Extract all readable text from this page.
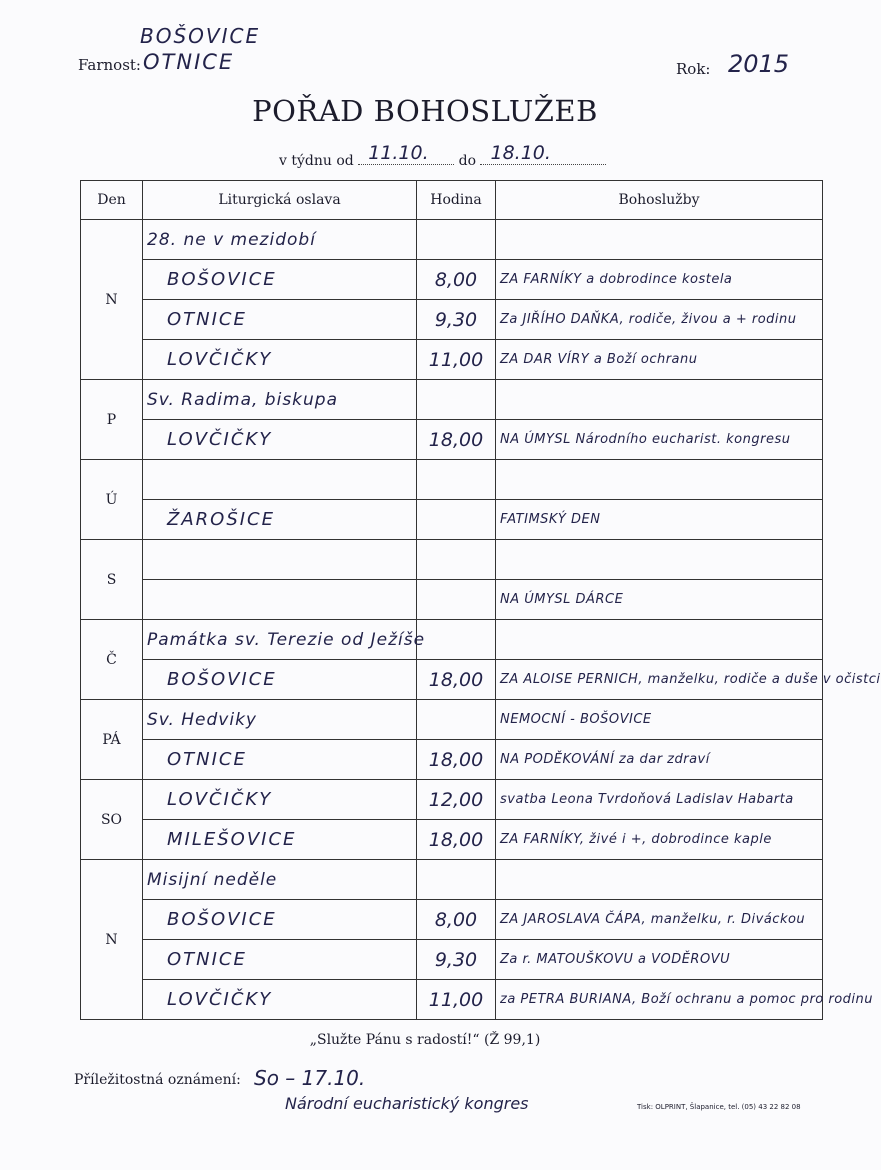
BOŠOVICE
Farnost: OTNICE	Rok: 2015
POŘAD BOHOSLUŽEB
v týdnu od 11.10. do 18.10.
Den	Liturgická oslava	Hodina	Bohoslužby
N	28. ne v mezidobí		
	BOŠOVICE	8,00	ZA FARNÍKY a dobrodince kostela
	OTNICE	9,30	Za JIŘÍHO DAŇKA, rodiče, živou a + rodinu
	LOVČIČKY	11,00	ZA DAR VÍRY a Boží ochranu
P	Sv. Radima, biskupa		
	LOVČIČKY	18,00	NA ÚMYSL Národního eucharist. kongresu
Ú			
	ŽAROŠICE		FATIMSKÝ DEN
S			
			NA ÚMYSL DÁRCE
Č	Památka sv. Terezie od Ježíše		
	BOŠOVICE	18,00	ZA ALOISE PERNICH, manželku, rodiče a duše v očistci
PÁ	Sv. Hedviky		NEMOCNÍ - BOŠOVICE
	OTNICE	18,00	NA PODĚKOVÁNÍ za dar zdraví
SO	LOVČIČKY	12,00	svatba Leona Tvrdoňová Ladislav Habarta
	MILEŠOVICE	18,00	ZA FARNÍKY, živé i +, dobrodince kaple
N	Misijní neděle		
	BOŠOVICE	8,00	ZA JAROSLAVA ČÁPA, manželku, r. Diváckou
	OTNICE	9,30	Za r. MATOUŠKOVU a VODĚROVU
	LOVČIČKY	11,00	za PETRA BURIANA, Boží ochranu a pomoc pro rodinu
„Služte Pánu s radostí!“ (Ž 99,1)
Příležitostná oznámení: So – 17.10.
Národní eucharistický kongres	Tisk: OLPRINT, Šlapanice, tel. (05) 43 22 82 08
